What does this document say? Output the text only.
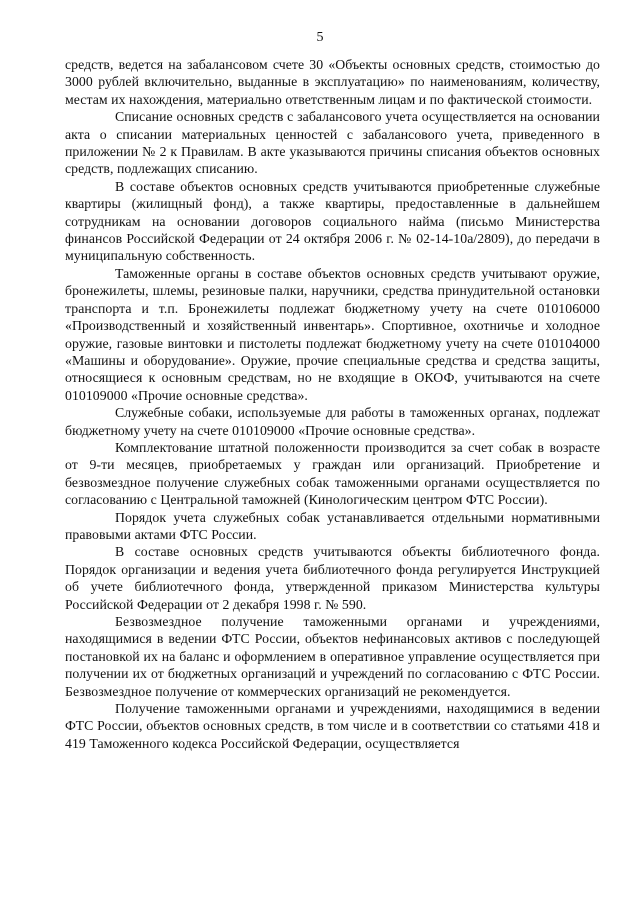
5

средств, ведется на забалансовом счете 30 «Объекты основных средств, стоимостью до 3000 рублей включительно, выданные в эксплуатацию» по наименованиям, количеству, местам их нахождения, материально ответственным лицам и по фактической стоимости.

Списание основных средств с забалансового учета осуществляется на основании акта о списании материальных ценностей с забалансового учета, приведенного в приложении № 2 к Правилам. В акте указываются причины списания объектов основных средств, подлежащих списанию.

В составе объектов основных средств учитываются приобретенные служебные квартиры (жилищный фонд), а также квартиры, предоставленные в дальнейшем сотрудникам на основании договоров социального найма (письмо Министерства финансов Российской Федерации от 24 октября 2006 г. № 02-14-10а/2809), до передачи в муниципальную собственность.

Таможенные органы в составе объектов основных средств учитывают оружие, бронежилеты, шлемы, резиновые палки, наручники, средства принудительной остановки транспорта и т.п. Бронежилеты подлежат бюджетному учету на счете 010106000 «Производственный и хозяйственный инвентарь». Спортивное, охотничье и холодное оружие, газовые винтовки и пистолеты подлежат бюджетному учету на счете 010104000 «Машины и оборудование». Оружие, прочие специальные средства и средства защиты, относящиеся к основным средствам, но не входящие в ОКОФ, учитываются на счете 010109000 «Прочие основные средства».

Служебные собаки, используемые для работы в таможенных органах, подлежат бюджетному учету на счете 010109000 «Прочие основные средства».

Комплектование штатной положенности производится за счет собак в возрасте от 9-ти месяцев, приобретаемых у граждан или организаций. Приобретение и безвозмездное получение служебных собак таможенными органами осуществляется по согласованию с Центральной таможней (Кинологическим центром ФТС России).

Порядок учета служебных собак устанавливается отдельными нормативными правовыми актами ФТС России.

В составе основных средств учитываются объекты библиотечного фонда. Порядок организации и ведения учета библиотечного фонда регулируется Инструкцией об учете библиотечного фонда, утвержденной приказом Министерства культуры Российской Федерации от 2 декабря 1998 г. № 590.

Безвозмездное получение таможенными органами и учреждениями, находящимися в ведении ФТС России, объектов нефинансовых активов с последующей постановкой их на баланс и оформлением в оперативное управление осуществляется при получении их от бюджетных организаций и учреждений по согласованию с ФТС России. Безвозмездное получение от коммерческих организаций не рекомендуется.

Получение таможенными органами и учреждениями, находящимися в ведении ФТС России, объектов основных средств, в том числе и в соответствии со статьями 418 и 419 Таможенного кодекса Российской Федерации, осуществляется
